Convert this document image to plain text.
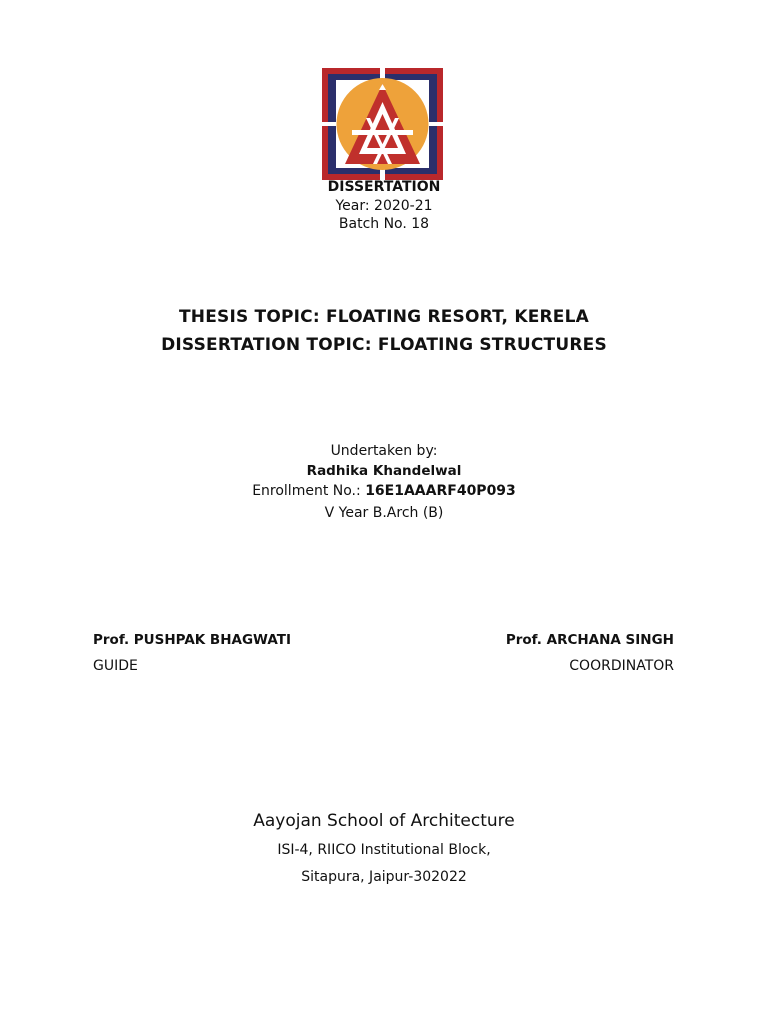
DISSERTATION
Year: 2020-21
Batch No. 18
THESIS TOPIC: FLOATING RESORT, KERELA
DISSERTATION TOPIC: FLOATING STRUCTURES
Undertaken by:
Radhika Khandelwal
Enrollment No.: 16E1AAARF40P093
V Year B.Arch (B)
Prof. PUSHPAK BHAGWATI
GUIDE
Prof. ARCHANA SINGH
COORDINATOR
Aayojan School of Architecture
ISI-4, RIICO Institutional Block,
Sitapura, Jaipur-302022
